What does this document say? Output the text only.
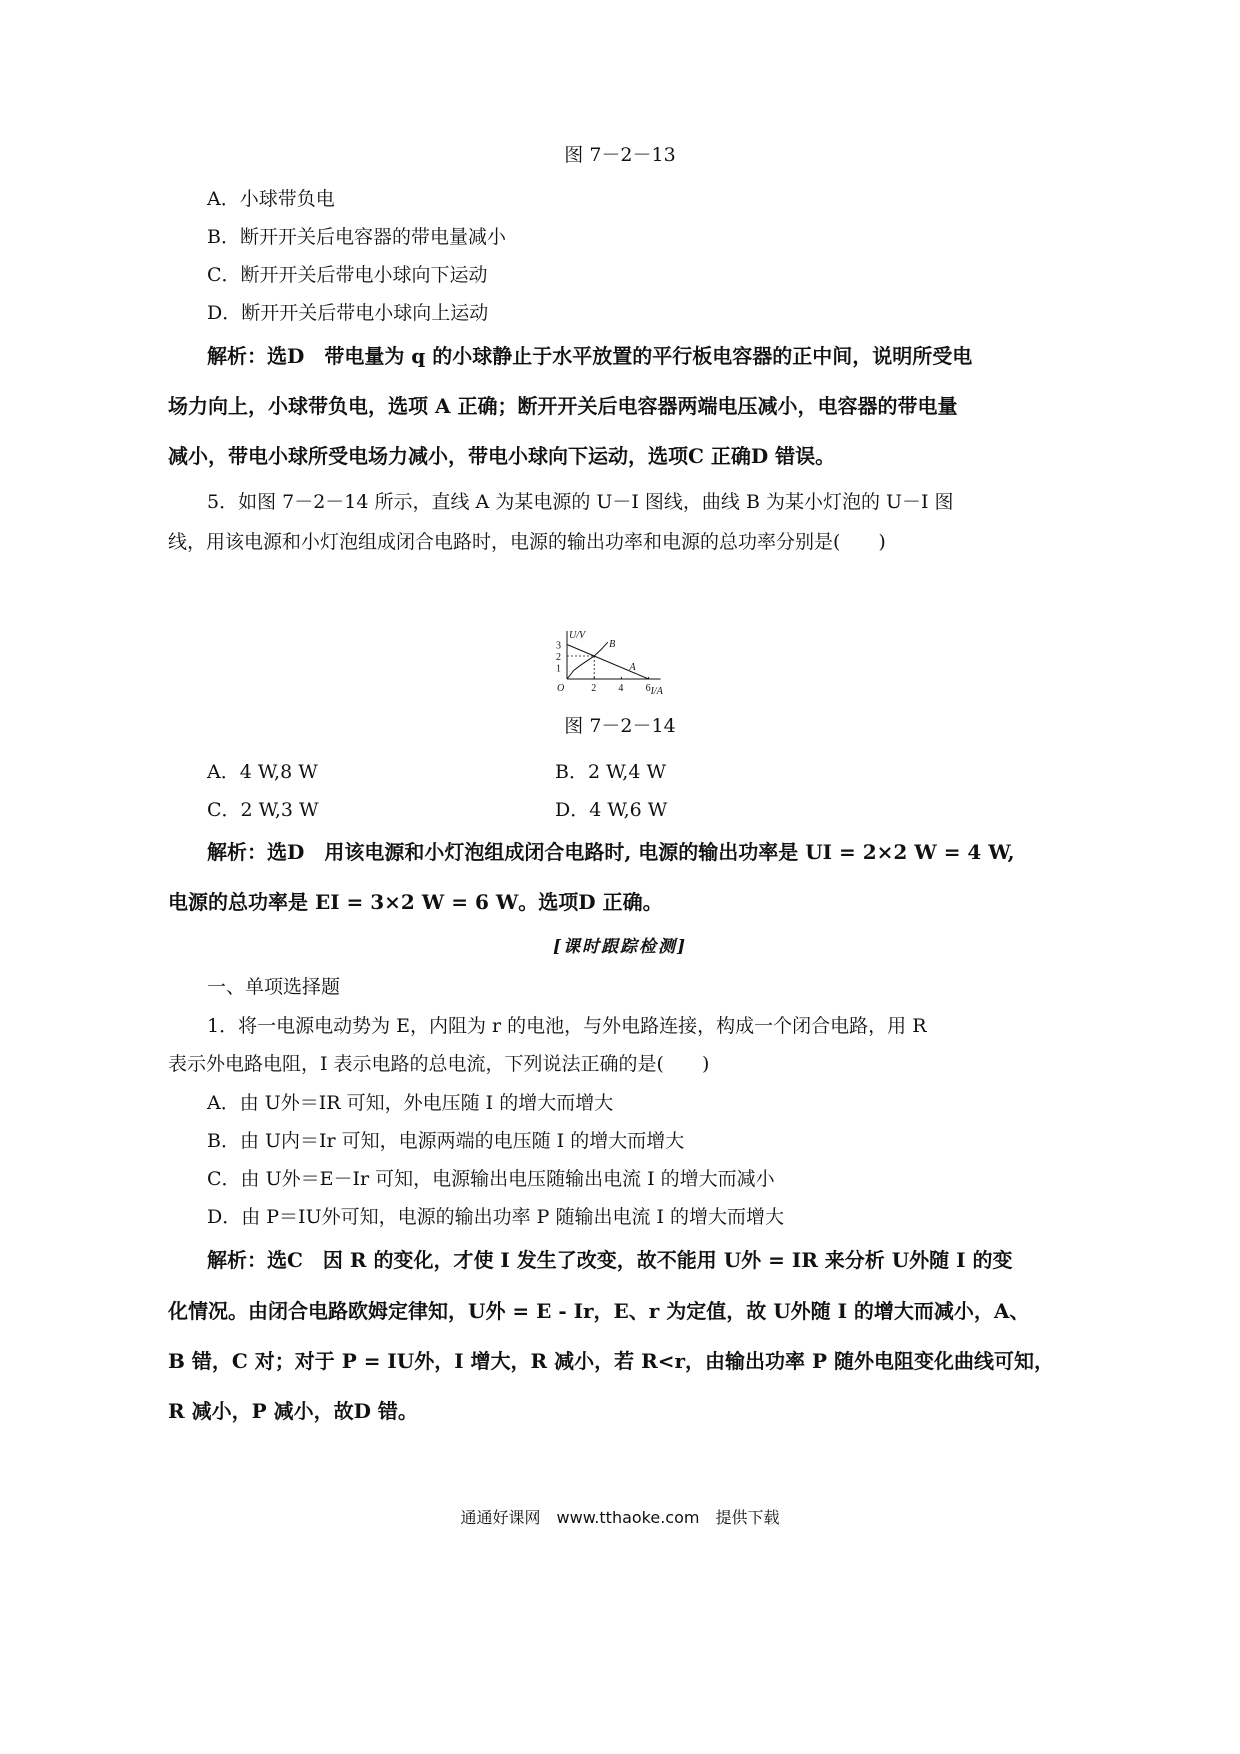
图 7－2－13
A．小球带负电
B．断开开关后电容器的带电量减小
C．断开开关后带电小球向下运动
D．断开开关后带电小球向上运动
解析：选D　带电量为 q 的小球静止于水平放置的平行板电容器的正中间，说明所受电
场力向上，小球带负电，选项 A 正确；断开开关后电容器两端电压减小，电容器的带电量
减小，带电小球所受电场力减小，带电小球向下运动，选项C 正确D 错误。
5．如图 7－2－14 所示，直线 A 为某电源的 U－I 图线，曲线 B 为某小灯泡的 U－I 图
线，用该电源和小灯泡组成闭合电路时，电源的输出功率和电源的总功率分别是(　　)
U/V
I/A
O	2 4 6
1
2
3
A
B
图 7－2－14
A．4 W,8 W	B．2 W,4 W
C．2 W,3 W	D．4 W,6 W
解析：选D　用该电源和小灯泡组成闭合电路时, 电源的输出功率是 UI = 2×2 W = 4 W,
电源的总功率是 EI = 3×2 W = 6 W。选项D 正确。
[课时跟踪检测]
一、单项选择题
1．将一电源电动势为 E，内阻为 r 的电池，与外电路连接，构成一个闭合电路，用 R
表示外电路电阻，I 表示电路的总电流，下列说法正确的是(　　)
A．由 U外＝IR 可知，外电压随 I 的增大而增大
B．由 U内＝Ir 可知，电源两端的电压随 I 的增大而增大
C．由 U外＝E－Ir 可知，电源输出电压随输出电流 I 的增大而减小
D．由 P＝IU外可知，电源的输出功率 P 随输出电流 I 的增大而增大
解析：选C　因 R 的变化，才使 I 发生了改变，故不能用 U外 = IR 来分析 U外随 I 的变
化情况。由闭合电路欧姆定律知，U外 = E - Ir，E、r 为定值，故 U外随 I 的增大而减小，A、
B 错，C 对；对于 P = IU外，I 增大，R 减小，若 R<r，由输出功率 P 随外电阻变化曲线可知，
R 减小，P 减小，故D 错。
通通好课网　www.tthaoke.com　提供下载
